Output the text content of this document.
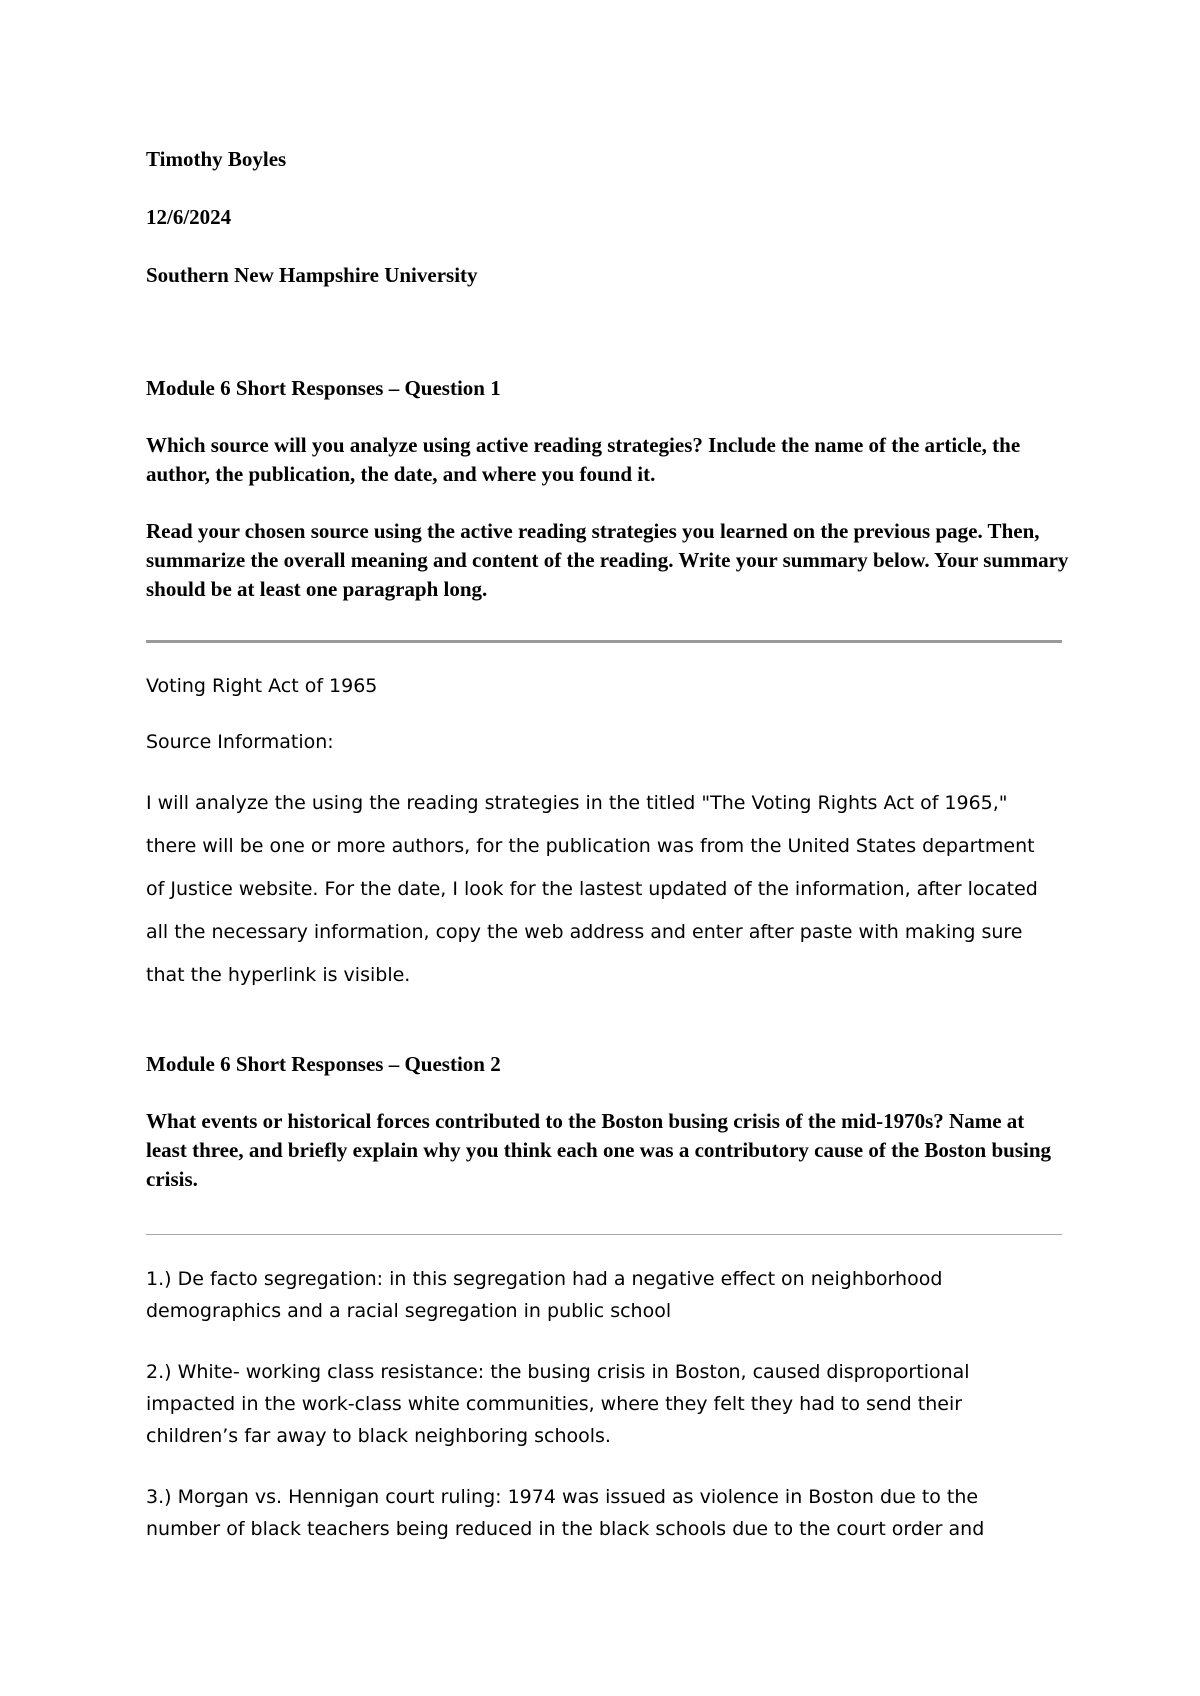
Timothy Boyles

12/6/2024

Southern New Hampshire University

Module 6 Short Responses – Question 1

Which source will you analyze using active reading strategies? Include the name of the article, the author, the publication, the date, and where you found it.

Read your chosen source using the active reading strategies you learned on the previous page. Then, summarize the overall meaning and content of the reading. Write your summary below. Your summary should be at least one paragraph long.

Voting Right Act of 1965

Source Information:

I will analyze the using the reading strategies in the titled "The Voting Rights Act of 1965,"

there will be one or more authors, for the publication was from the United States department

of Justice website. For the date, I look for the lastest updated of the information, after located

all the necessary information, copy the web address and enter after paste with making sure

that the hyperlink is visible.

Module 6 Short Responses – Question 2

What events or historical forces contributed to the Boston busing crisis of the mid-1970s? Name at least three, and briefly explain why you think each one was a contributory cause of the Boston busing crisis.

1.) De facto segregation: in this segregation had a negative effect on neighborhood

demographics and a racial segregation in public school

2.) White- working class resistance: the busing crisis in Boston, caused disproportional

impacted in the work-class white communities, where they felt they had to send their

children’s far away to black neighboring schools.

3.) Morgan vs. Hennigan court ruling: 1974 was issued as violence in Boston due to the

number of black teachers being reduced in the black schools due to the court order and
